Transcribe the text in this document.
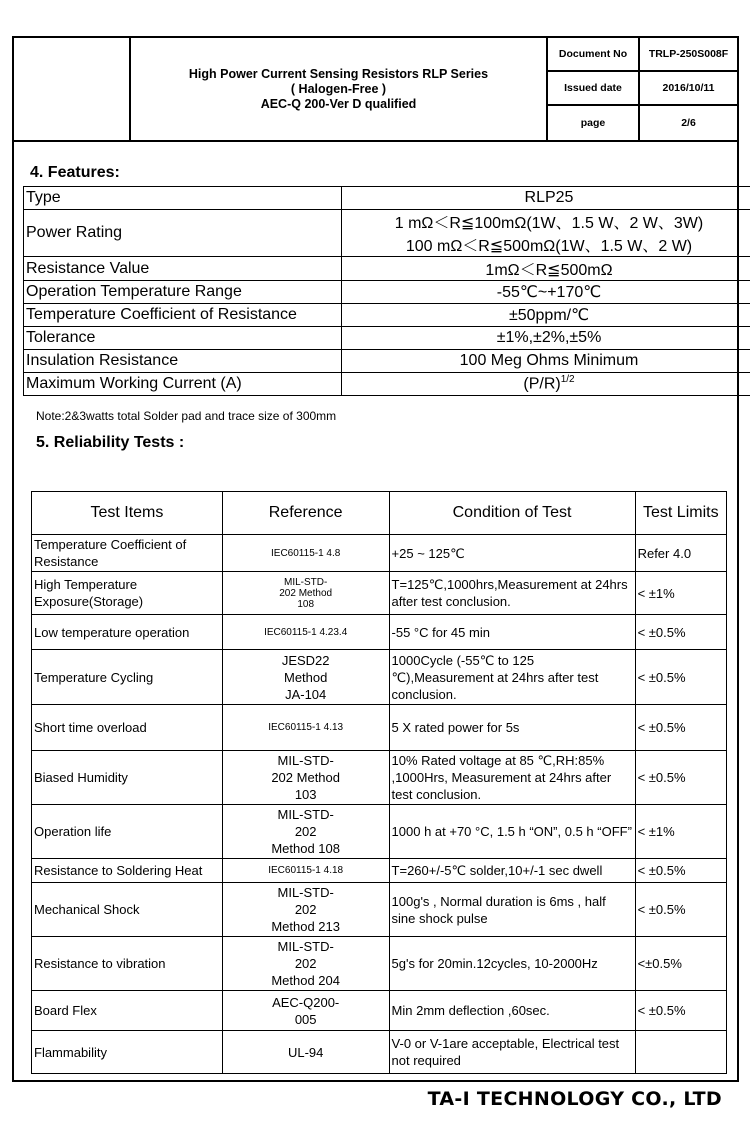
High Power Current Sensing Resistors RLP Series
( Halogen-Free )
AEC-Q 200-Ver D qualified
Document No	TRLP-250S008F
Issued date	2016/10/11
page	2/6
4. Features:
Type	RLP25
Power Rating	1 mΩ＜R≦100mΩ(1W、1.5 W、2 W、3W)
100 mΩ＜R≦500mΩ(1W、1.5 W、2 W)

Resistance Value	1mΩ＜R≦500mΩ
Operation Temperature Range	-55℃~+170℃
Temperature Coefficient of Resistance	±50ppm/℃
Tolerance	±1%,±2%,±5%
Insulation Resistance	100 Meg Ohms Minimum
Maximum Working Current (A)	$(P/R)^{1/2}$
Note:2&3watts total Solder pad and trace size of 300mm
5. Reliability Tests :
Test Items	Reference	Condition of Test	Test Limits
Temperature Coefficient of Resistance	IEC60115-1 4.8	+25 ~ 125℃	Refer 4.0
High Temperature Exposure(Storage)	MIL-STD-
202 Method
108	T=125℃,1000hrs,Measurement at 24hrs after test conclusion.	< ±1%
Low temperature operation	IEC60115-1 4.23.4	-55 °C for 45 min	< ±0.5%
Temperature Cycling	JESD22
Method
JA-104	1000Cycle (-55℃ to 125 ℃),Measurement at 24hrs after test conclusion.	< ±0.5%
Short time overload	IEC60115-1 4.13	5 X rated power for 5s	< ±0.5%
Biased Humidity	MIL-STD-
202 Method
103	10% Rated voltage at 85 ℃,RH:85% ,1000Hrs, Measurement at 24hrs after test conclusion.	< ±0.5%
Operation life	MIL-STD-
202
Method 108	1000 h at +70 °C, 1.5 h “ON”, 0.5 h “OFF”	< ±1%
Resistance to Soldering Heat	IEC60115-1 4.18	T=260+/-5℃ solder,10+/-1 sec dwell	< ±0.5%
Mechanical Shock	MIL-STD-
202
Method 213	100g's , Normal duration is 6ms , half sine shock pulse	< ±0.5%
Resistance to vibration	MIL-STD-
202
Method 204	5g's for 20min.12cycles, 10-2000Hz	<±0.5%
Board Flex	AEC-Q200-
005	Min 2mm deflection ,60sec.	< ±0.5%
Flammability	UL-94	V-0 or V-1are acceptable, Electrical test not required	
TA-I TECHNOLOGY CO., LTD
